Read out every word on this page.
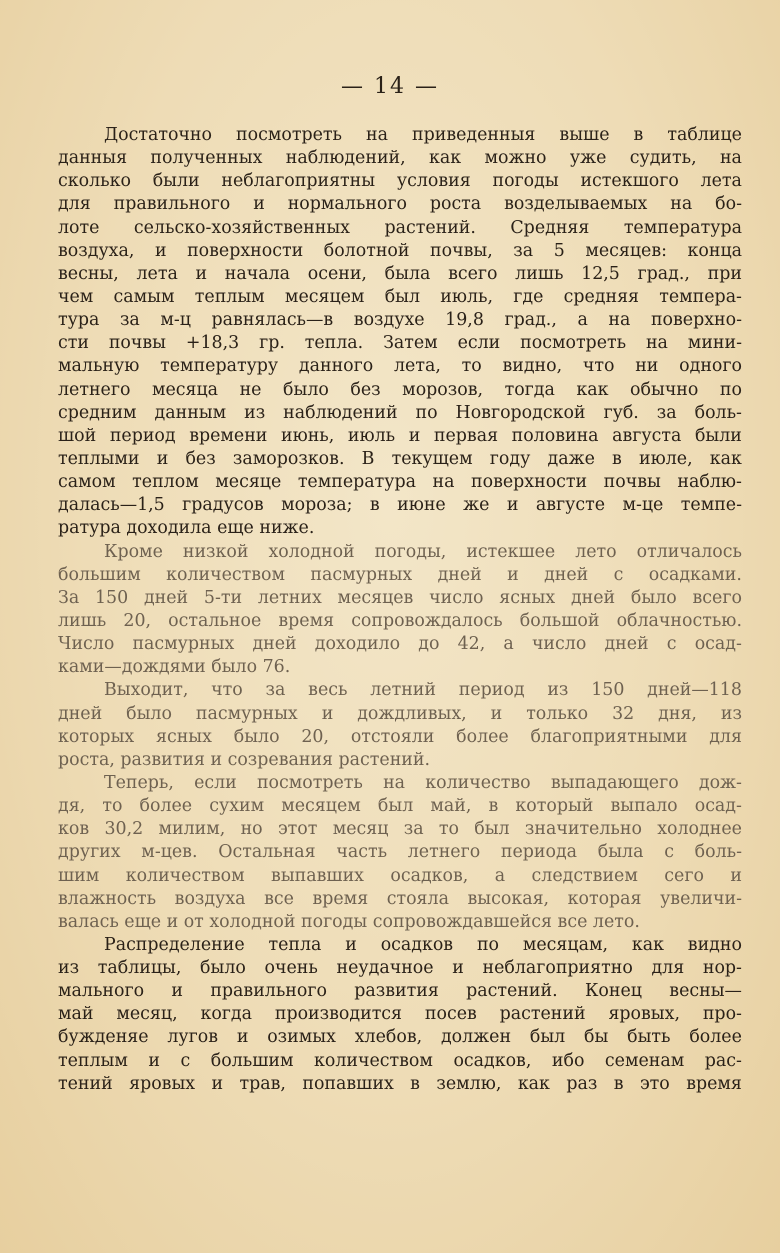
— 14 —
Достаточно посмотреть на приведенныя выше в таблице
данныя полученных наблюдений, как можно уже судить, на
сколько были неблагоприятны условия погоды истекшого лета
для правильного и нормального роста возделываемых на бо-
лоте сельско-хозяйственных растений. Средняя температура
воздуха, и поверхности болотной почвы, за 5 месяцев: конца
весны, лета и начала осени, была всего лишь 12,5 град., при
чем самым теплым месяцем был июль, где средняя темпера-
тура за м-ц равнялась—в воздухе 19,8 град., а на поверхно-
сти почвы +18,3 гр. тепла. Затем если посмотреть на мини-
мальную температуру данного лета, то видно, что ни одного
летнего месяца не было без морозов, тогда как обычно по
средним данным из наблюдений по Новгородской губ. за боль-
шой период времени июнь, июль и первая половина августа были
теплыми и без заморозков. В текущем году даже в июле, как
самом теплом месяце температура на поверхности почвы наблю-
далась—1,5 градусов мороза; в июне же и августе м-це темпе-
ратура доходила еще ниже.
Кроме низкой холодной погоды, истекшее лето отличалось
большим количеством пасмурных дней и дней с осадками.
За 150 дней 5-ти летних месяцев число ясных дней было всего
лишь 20, остальное время сопровождалось большой облачностью.
Число пасмурных дней доходило до 42, а число дней с осад-
ками—дождями было 76.
Выходит, что за весь летний период из 150 дней—118
дней было пасмурных и дождливых, и только 32 дня, из
которых ясных было 20, отстояли более благоприятными для
роста, развития и созревания растений.
Теперь, если посмотреть на количество выпадающего дож-
дя, то более сухим месяцем был май, в который выпало осад-
ков 30,2 милим, но этот месяц за то был значительно холоднее
других м-цев. Остальная часть летнего периода была с боль-
шим количеством выпавших осадков, а следствием сего и
влажность воздуха все время стояла высокая, которая увеличи-
валась еще и от холодной погоды сопровождавшейся все лето.
Распределение тепла и осадков по месяцам, как видно
из таблицы, было очень неудачное и неблагоприятно для нор-
мального и правильного развития растений. Конец весны—
май месяц, когда производится посев растений яровых, про-
бужденяе лугов и озимых хлебов, должен был бы быть более
теплым и с большим количеством осадков, ибо семенам рас-
тений яровых и трав, попавших в землю, как раз в это время
